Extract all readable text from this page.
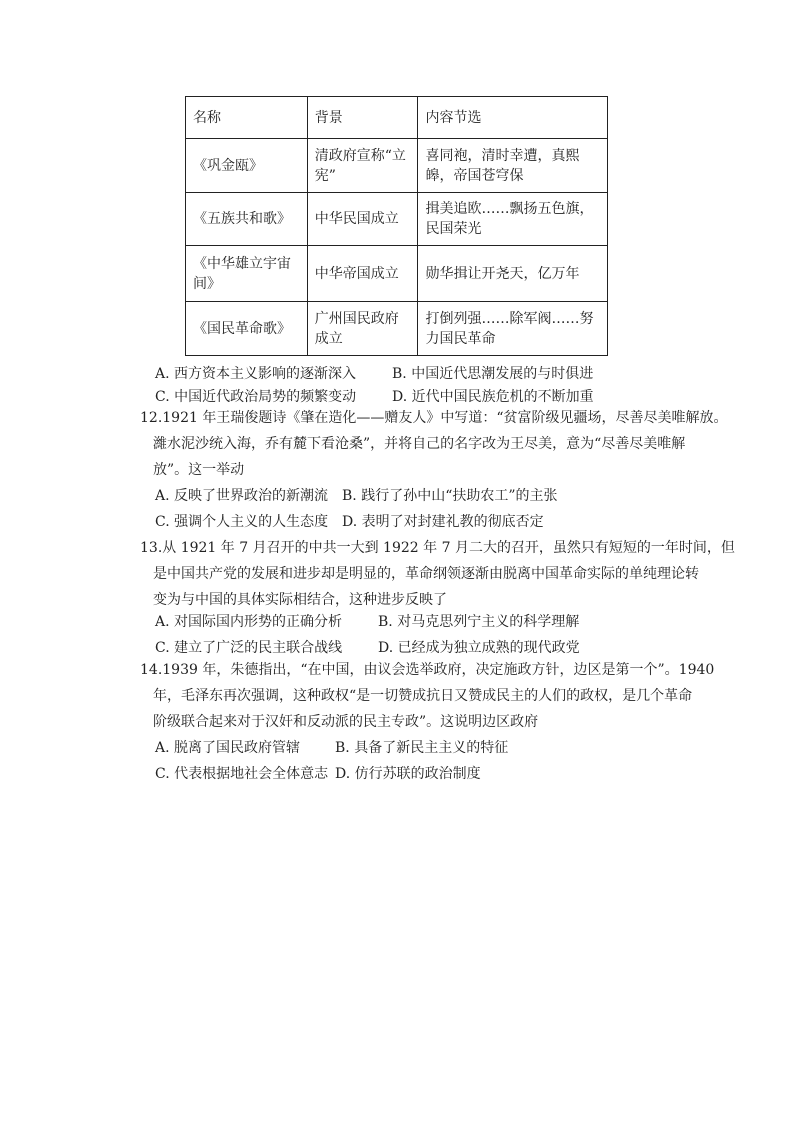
名称	背景	内容节选
《巩金瓯》	清政府宣称“立宪”	喜同袍，清时幸遭，真熙皞，帝国苍穹保
《五族共和歌》	中华民国成立	揖美追欧……飘扬五色旗，民国荣光
《中华雄立宇宙间》	中华帝国成立	勋华揖让开尧天，亿万年
《国民革命歌》	广州国民政府成立	打倒列强……除军阀……努力国民革命
A. 西方资本主义影响的逐渐深入	B. 中国近代思潮发展的与时俱进
C. 中国近代政治局势的频繁变动	D. 近代中国民族危机的不断加重
12.1921 年王瑞俊题诗《肇在造化——赠友人》中写道：“贫富阶级见疆场，尽善尽美唯解放。
濰水泥沙统入海，乔有麓下看沧桑”，并将自己的名字改为王尽美，意为“尽善尽美唯解
放”。这一举动
A. 反映了世界政治的新潮流 B. 践行了孙中山“扶助农工”的主张
C. 强调个人主义的人生态度 D. 表明了对封建礼教的彻底否定
13.从 1921 年 7 月召开的中共一大到 1922 年 7 月二大的召开，虽然只有短短的一年时间，但
是中国共产党的发展和进步却是明显的，革命纲领逐渐由脱离中国革命实际的单纯理论转
变为与中国的具体实际相结合，这种进步反映了
A. 对国际国内形势的正确分析	B. 对马克思列宁主义的科学理解
C. 建立了广泛的民主联合战线	D. 已经成为独立成熟的现代政党
14.1939 年，朱德指出，“在中国，由议会选举政府，决定施政方针，边区是第一个”。1940
年，毛泽东再次强调，这种政权“是一切赞成抗日又赞成民主的人们的政权，是几个革命
阶级联合起来对于汉奸和反动派的民主专政”。这说明边区政府
A. 脱离了国民政府管辖 B. 具备了新民主主义的特征
C. 代表根据地社会全体意志 D. 仿行苏联的政治制度
